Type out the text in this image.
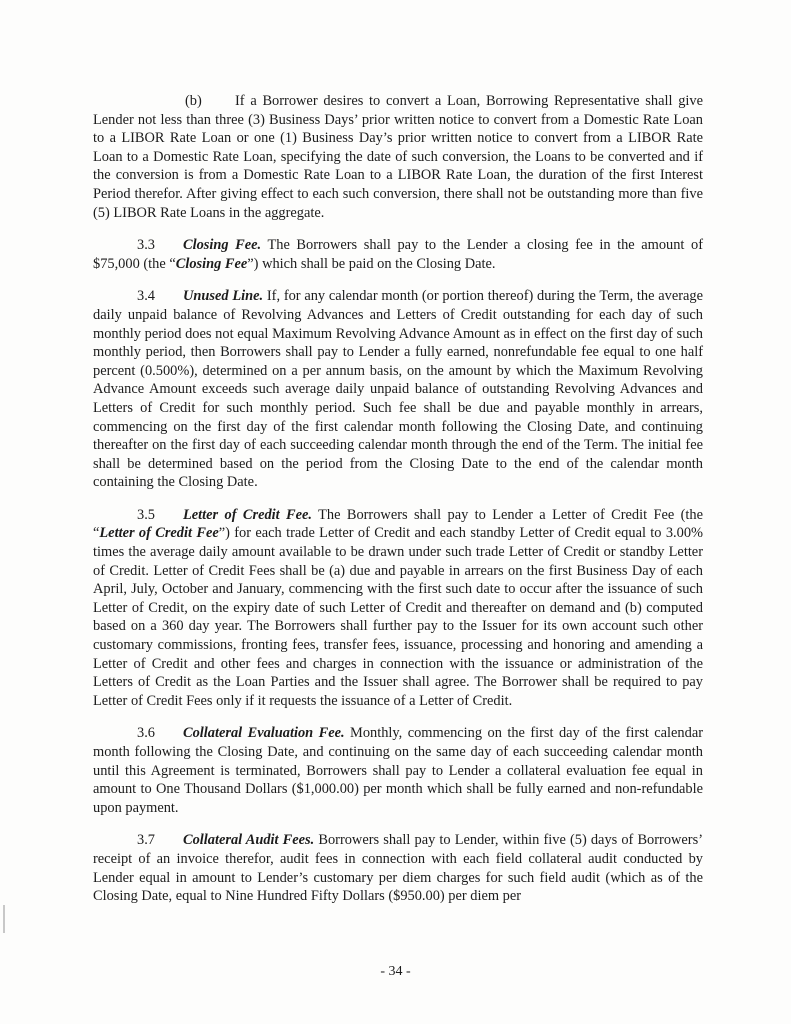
(b) If a Borrower desires to convert a Loan, Borrowing Representative shall give Lender not less than three (3) Business Days’ prior written notice to convert from a Domestic Rate Loan to a LIBOR Rate Loan or one (1) Business Day’s prior written notice to convert from a LIBOR Rate Loan to a Domestic Rate Loan, specifying the date of such conversion, the Loans to be converted and if the conversion is from a Domestic Rate Loan to a LIBOR Rate Loan, the duration of the first Interest Period therefor. After giving effect to each such conversion, there shall not be outstanding more than five (5) LIBOR Rate Loans in the aggregate.

3.3 Closing Fee. The Borrowers shall pay to the Lender a closing fee in the amount of $75,000 (the “Closing Fee”) which shall be paid on the Closing Date.

3.4 Unused Line. If, for any calendar month (or portion thereof) during the Term, the average daily unpaid balance of Revolving Advances and Letters of Credit outstanding for each day of such monthly period does not equal Maximum Revolving Advance Amount as in effect on the first day of such monthly period, then Borrowers shall pay to Lender a fully earned, nonrefundable fee equal to one half percent (0.500%), determined on a per annum basis, on the amount by which the Maximum Revolving Advance Amount exceeds such average daily unpaid balance of outstanding Revolving Advances and Letters of Credit for such monthly period. Such fee shall be due and payable monthly in arrears, commencing on the first day of the first calendar month following the Closing Date, and continuing thereafter on the first day of each succeeding calendar month through the end of the Term. The initial fee shall be determined based on the period from the Closing Date to the end of the calendar month containing the Closing Date.

3.5 Letter of Credit Fee. The Borrowers shall pay to Lender a Letter of Credit Fee (the “Letter of Credit Fee”) for each trade Letter of Credit and each standby Letter of Credit equal to 3.00% times the average daily amount available to be drawn under such trade Letter of Credit or standby Letter of Credit. Letter of Credit Fees shall be (a) due and payable in arrears on the first Business Day of each April, July, October and January, commencing with the first such date to occur after the issuance of such Letter of Credit, on the expiry date of such Letter of Credit and thereafter on demand and (b) computed based on a 360 day year. The Borrowers shall further pay to the Issuer for its own account such other customary commissions, fronting fees, transfer fees, issuance, processing and honoring and amending a Letter of Credit and other fees and charges in connection with the issuance or administration of the Letters of Credit as the Loan Parties and the Issuer shall agree. The Borrower shall be required to pay Letter of Credit Fees only if it requests the issuance of a Letter of Credit.

3.6 Collateral Evaluation Fee. Monthly, commencing on the first day of the first calendar month following the Closing Date, and continuing on the same day of each succeeding calendar month until this Agreement is terminated, Borrowers shall pay to Lender a collateral evaluation fee equal in amount to One Thousand Dollars ($1,000.00) per month which shall be fully earned and non-refundable upon payment.

3.7 Collateral Audit Fees. Borrowers shall pay to Lender, within five (5) days of Borrowers’ receipt of an invoice therefor, audit fees in connection with each field collateral audit conducted by Lender equal in amount to Lender’s customary per diem charges for such field audit (which as of the Closing Date, equal to Nine Hundred Fifty Dollars ($950.00) per diem per

- 34 -
